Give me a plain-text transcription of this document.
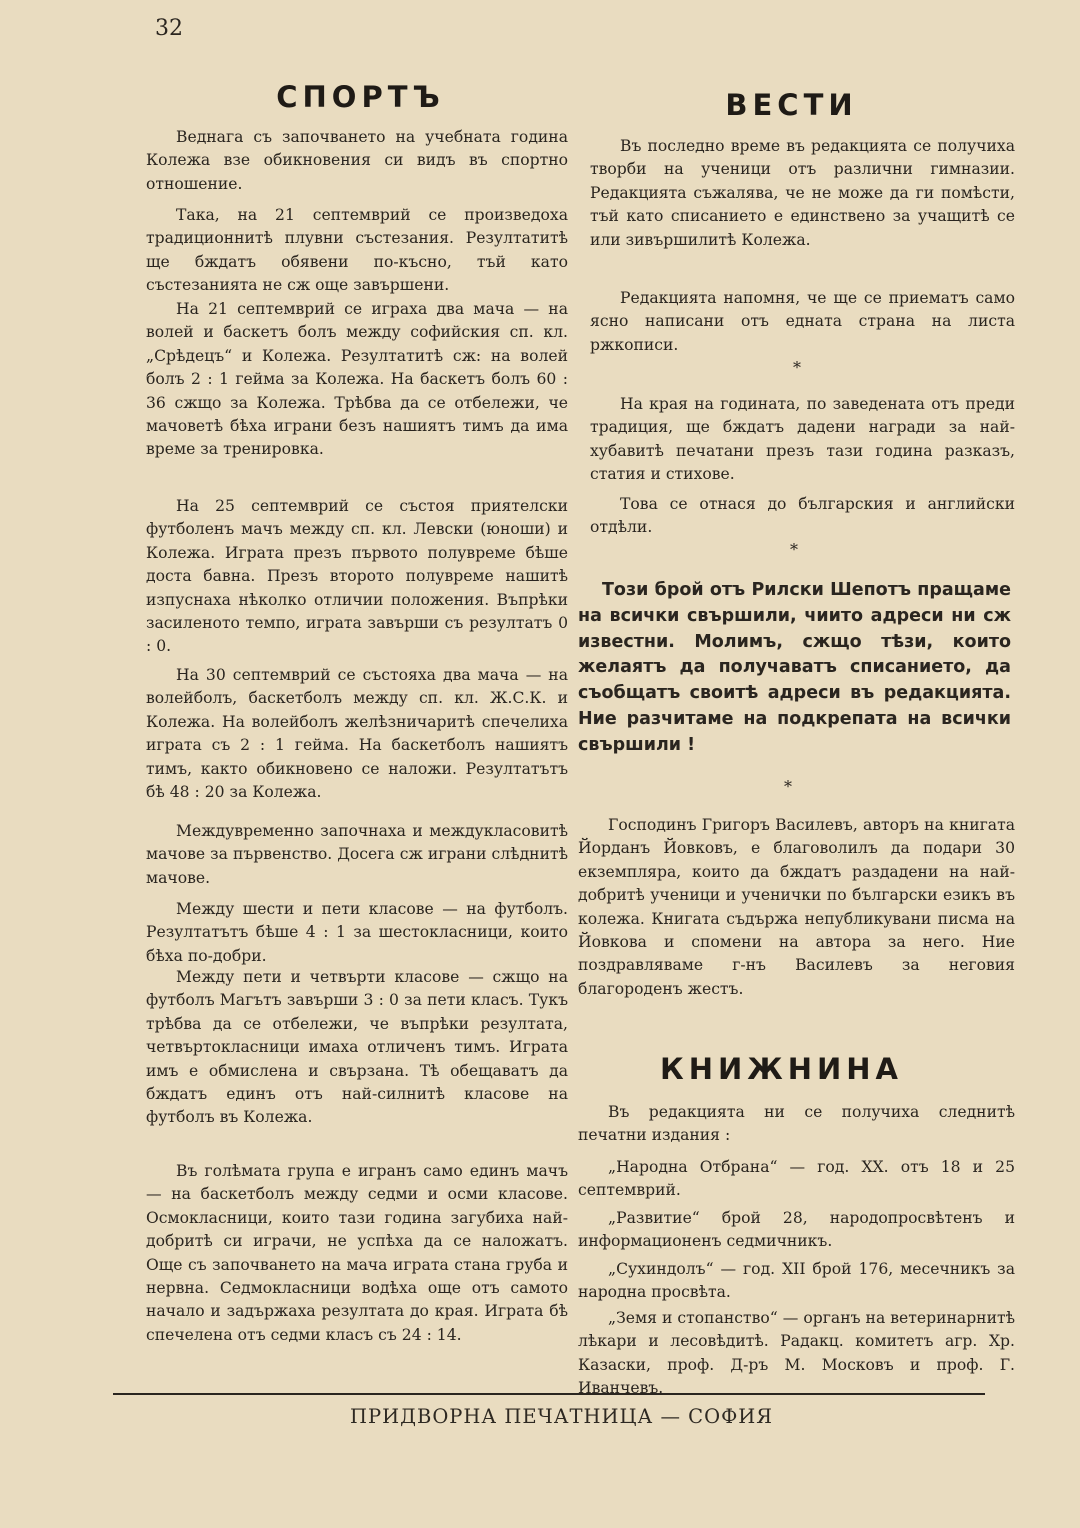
32
СПОРТЪ

Веднага съ започването на учебната година Колежа взе обикновения си видъ въ спортно отношение.

Така, на 21 септемврий се произведоха традиционнитѣ плувни състезания. Резултатитѣ ще бждатъ обявени по-късно, тъй като състезанията не сж още завършени.

На 21 септемврий се играха два мача — на волей и баскетъ болъ между софийския сп. кл. „Срѣдецъ“ и Колежа. Резултатитѣ сж: на волей болъ 2 : 1 гейма за Колежа. На баскетъ болъ 60 : 36 сжщо за Колежа. Трѣбва да се отбележи, че мачоветѣ бѣха играни безъ нашиятъ тимъ да има време за тренировка.

На 25 септемврий се състоя приятелски футболенъ мачъ между сп. кл. Левски (юноши) и Колежа. Играта презъ първото полувреме бѣше доста бавна. Презъ второто полувреме нашитѣ изпуснаха нѣколко отличии положения. Въпрѣки засиленото темпо, играта завърши съ резултатъ 0 : 0.

На 30 септемврий се състояха два мача — на волейболъ, баскетболъ между сп. кл. Ж.С.К. и Колежа. На волейболъ желѣзничаритѣ спечелиха играта съ 2 : 1 гейма. На баскетболъ нашиятъ тимъ, както обикновено се наложи. Резултатътъ бѣ 48 : 20 за Колежа.

Междувременно започнаха и междукласовитѣ мачове за първенство. Досега сж играни слѣднитѣ мачове.

Между шести и пети класове — на футболъ. Резултатътъ бѣше 4 : 1 за шестокласници, които бѣха по-добри.

Между пети и четвърти класове — сжщо на футболъ Магътъ завърши 3 : 0 за пети класъ. Тукъ трѣбва да се отбележи, че въпрѣки резултата, четвъртокласници имаха отличенъ тимъ. Играта имъ е обмислена и свързана. Тѣ обещаватъ да бждатъ единъ отъ най-силнитѣ класове на футболъ въ Колежа.

Въ голѣмата група е игранъ само единъ мачъ — на баскетболъ между седми и осми класове. Осмокласници, които тази година загубиха най-добритѣ си играчи, не успѣха да се наложатъ. Още съ започването на мача играта стана груба и нервна. Седмокласници водѣха още отъ самото начало и задържаха резултата до края. Играта бѣ спечелена отъ седми класъ съ 24 : 14.

ВЕСТИ

Въ последно време въ редакцията се получиха творби на ученици отъ различни гимназии. Редакцията съжалява, че не може да ги помѣсти, тъй като списанието е единствено за учащитѣ се или зивършилитѣ Колежа.

Редакцията напомня, че ще се приематъ само ясно написани отъ едната страна на листа ржкописи.

*

На края на годината, по заведената отъ преди традиция, ще бждатъ дадени награди за най-хубавитѣ печатани презъ тази година разказъ, статия и стихове.

Това се отнася до българския и английски отдѣли.

*

Този брой отъ Рилски Шепотъ пращаме на всички свършили, чиито адреси ни сж известни. Молимъ, сжщо тѣзи, които желаятъ да получаватъ списанието, да съобщатъ своитѣ адреси въ редакцията. Ние разчитаме на подкрепата на всички свършили !

*

Господинъ Григоръ Василевъ, авторъ на книгата Йорданъ Йовковъ, е благоволилъ да подари 30 екземпляра, които да бждатъ раздадени на най-добритѣ ученици и ученички по български езикъ въ колежа. Книгата съдържа непубликувани писма на Йовкова и спомени на автора за него. Ние поздравляваме г-нъ Василевъ за неговия благороденъ жестъ.

КНИЖНИНА

Въ редакцията ни се получиха следнитѣ печатни издания :

„Народна Отбрана“ — год. XX. отъ 18 и 25 септемврий.

„Развитие“ брой 28, народопросвѣтенъ и информационенъ седмичникъ.

„Сухиндолъ“ — год. XII брой 176, месечникъ за народна просвѣта.

„Земя и стопанство“ — органъ на ветеринарнитѣ лѣкари и лесовѣдитѣ. Радакц. комитетъ агр. Хр. Казаски, проф. Д-ръ М. Московъ и проф. Г. Иванчевъ.

ПРИДВОРНА ПЕЧАТНИЦА — СОФИЯ
